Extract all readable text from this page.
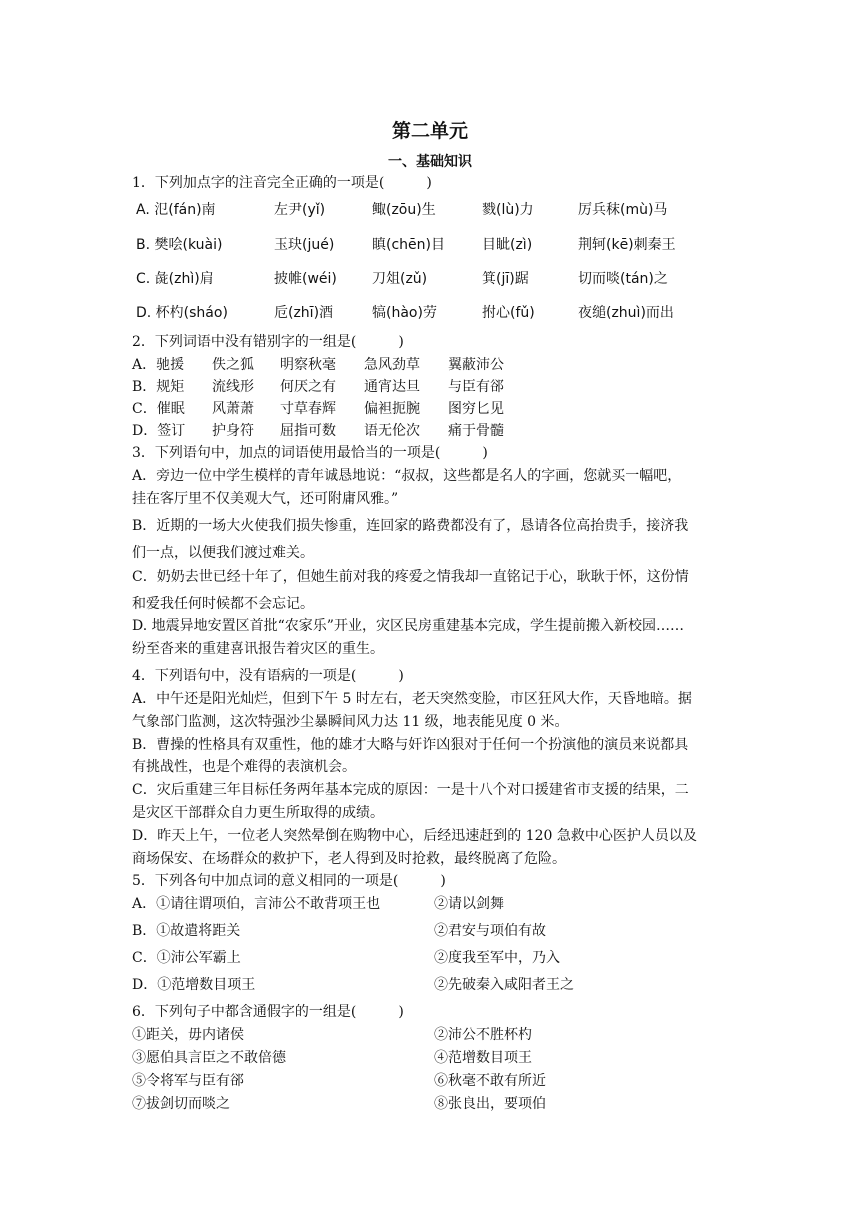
第二单元
一、基础知识
1．下列加点字的注音完全正确的一项是(　　　)
A. 氾(fán)南	左尹(yǐ)	鲰(zōu)生	戮(lù)力	厉兵秣(mù)马
B. 樊哙(kuài)	玉玦(jué)	瞋(chēn)目	目眦(zì)	荆轲(kē)刺秦王
C. 彘(zhì)肩	披帷(wéi)	刀俎(zǔ)	箕(jī)踞	切而啖(tán)之
D. 杯杓(sháo)	卮(zhī)酒	犒(hào)劳	拊心(fǔ)	夜缒(zhuì)而出
2．下列词语中没有错别字的一组是(　　　)
A．驰援 佚之狐 明察秋毫 急风劲草 翼蔽沛公
B．规矩 流线形 何厌之有 通宵达旦 与臣有郤
C．催眠 风萧萧 寸草春辉 偏袒扼腕 图穷匕见
D．签订 护身符 屈指可数 语无伦次 痛于骨髓
3．下列语句中，加点的词语使用最恰当的一项是(　　　)
A．旁边一位中学生模样的青年诚恳地说：“叔叔，这些都是名人的字画，您就买一幅吧，
挂在客厅里不仅美观大气，还可附庸风雅。”
B．近期的一场大火使我们损失惨重，连回家的路费都没有了，恳请各位高抬贵手，接济我
们一点，以便我们渡过难关。
C．奶奶去世已经十年了，但她生前对我的疼爱之情我却一直铭记于心，耿耿于怀，这份情
和爱我任何时候都不会忘记。
D. 地震异地安置区首批“农家乐”开业，灾区民房重建基本完成，学生提前搬入新校园……
纷至沓来的重建喜讯报告着灾区的重生。
4．下列语句中，没有语病的一项是(　　　)
A．中午还是阳光灿烂，但到下午 5 时左右，老天突然变脸，市区狂风大作，天昏地暗。据
气象部门监测，这次特强沙尘暴瞬间风力达 11 级，地表能见度 0 米。
B．曹操的性格具有双重性，他的雄才大略与奸诈凶狠对于任何一个扮演他的演员来说都具
有挑战性，也是个难得的表演机会。
C．灾后重建三年目标任务两年基本完成的原因：一是十八个对口援建省市支援的结果，二
是灾区干部群众自力更生所取得的成绩。
D．昨天上午，一位老人突然晕倒在购物中心，后经迅速赶到的 120 急救中心医护人员以及
商场保安、在场群众的救护下，老人得到及时抢救，最终脱离了危险。
5．下列各句中加点词的意义相同的一项是(　　　)
A．①请往谓项伯，言沛公不敢背项王也	②请以剑舞
B．①故遣将距关	②君安与项伯有故
C．①沛公军霸上	②度我至军中，乃入
D．①范增数目项王	②先破秦入咸阳者王之
6．下列句子中都含通假字的一组是(　　　)
①距关，毋内诸侯	②沛公不胜杯杓
③愿伯具言臣之不敢倍德	④范增数目项王
⑤令将军与臣有郤	⑥秋毫不敢有所近
⑦拔剑切而啖之	⑧张良出，要项伯
